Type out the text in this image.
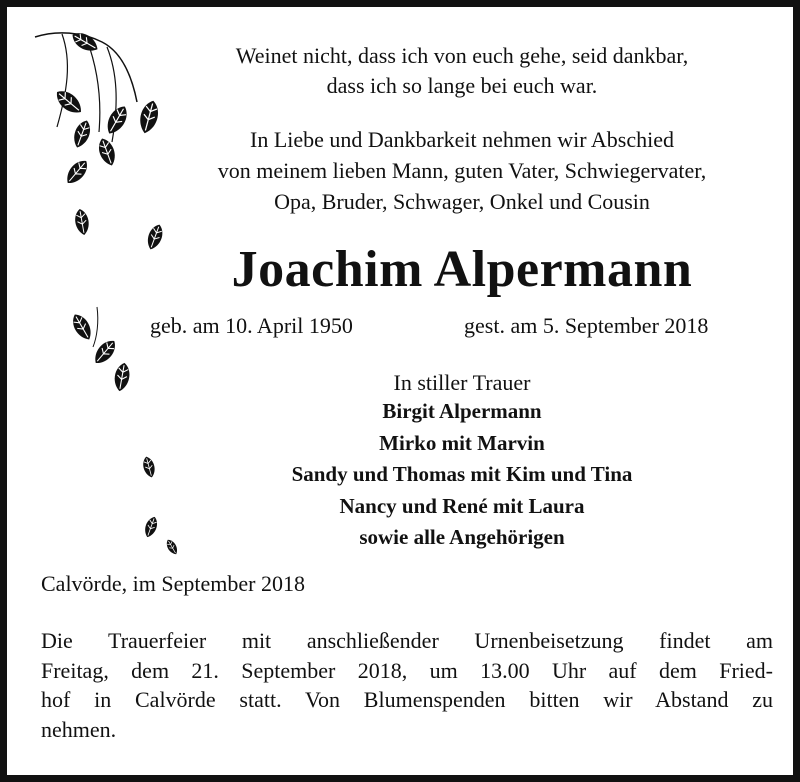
Weinet nicht, dass ich von euch gehe, seid dankbar,
dass ich so lange bei euch war.
In Liebe und Dankbarkeit nehmen wir Abschied
von meinem lieben Mann, guten Vater, Schwiegervater,
Opa, Bruder, Schwager, Onkel und Cousin
Joachim Alpermann
geb. am 10. April 1950	gest. am 5. September 2018
In stiller Trauer
Birgit Alpermann
Mirko mit Marvin
Sandy und Thomas mit Kim und Tina
Nancy und René mit Laura
sowie alle Angehörigen
Calvörde, im September 2018
Die Trauerfeier mit anschließender Urnenbeisetzung findet am
Freitag, dem 21. September 2018, um 13.00 Uhr auf dem Fried-
hof in Calvörde statt. Von Blumenspenden bitten wir Abstand zu
nehmen.
